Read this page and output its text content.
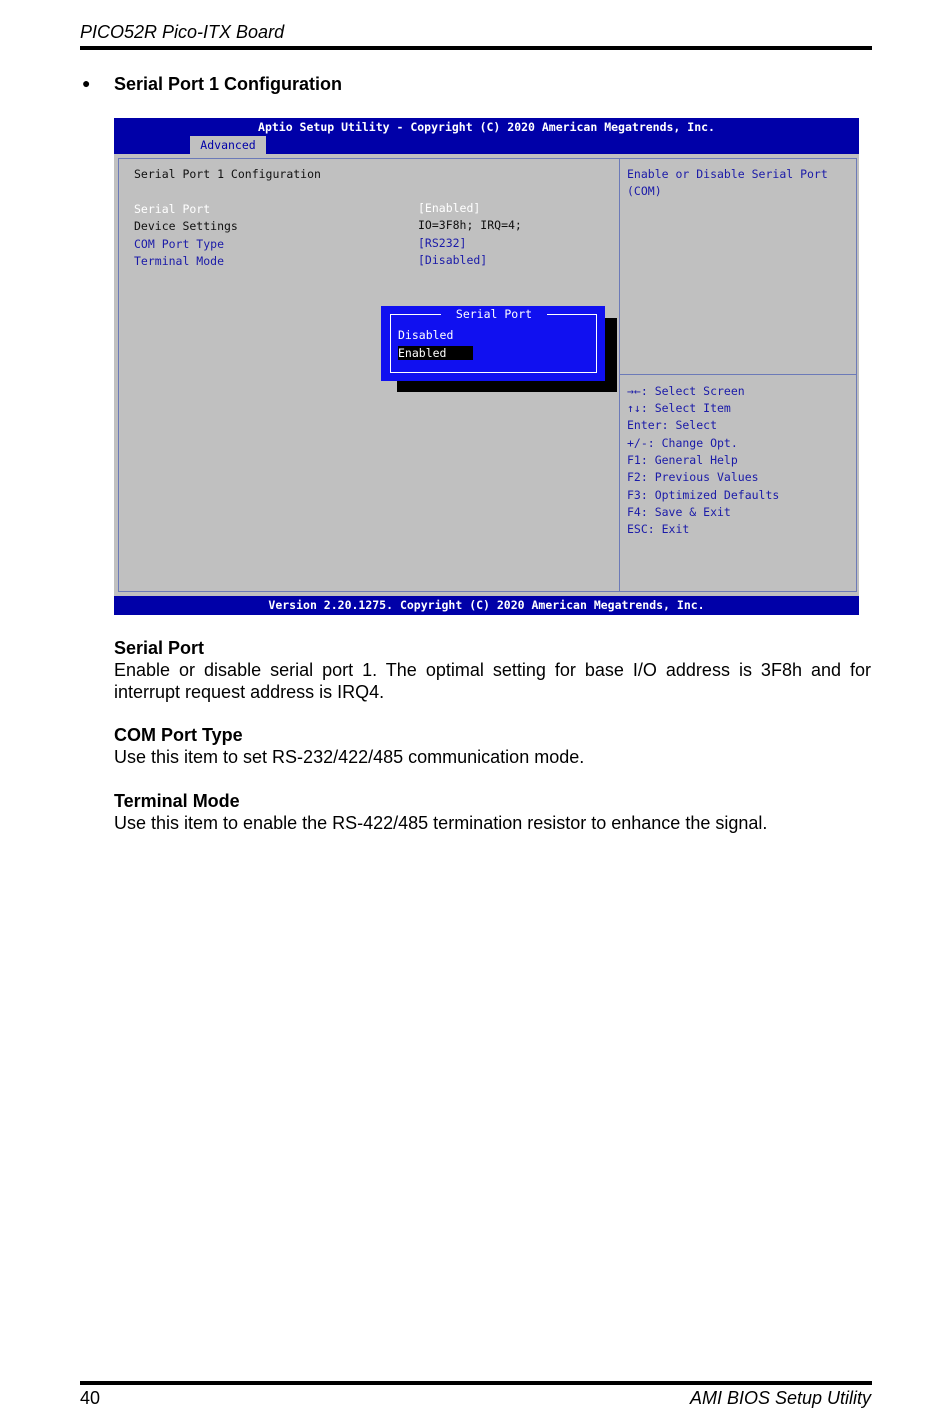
PICO52R Pico-ITX Board
● Serial Port 1 Configuration
Aptio Setup Utility - Copyright (C) 2020 American Megatrends, Inc.
Advanced
Serial Port 1 Configuration
Serial Port	[Enabled]
Device Settings	IO=3F8h; IRQ=4;
COM Port Type	[RS232]
Terminal Mode	[Disabled]
Enable or Disable Serial Port
(COM)
→←: Select Screen
↑↓: Select Item
Enter: Select
+/-: Change Opt.
F1: General Help
F2: Previous Values
F3: Optimized Defaults
F4: Save & Exit
ESC: Exit
Serial Port
Disabled
Enabled
Version 2.20.1275. Copyright (C) 2020 American Megatrends, Inc.
Serial Port
Enable or disable serial port 1. The optimal setting for base I/O address is 3F8h and for interrupt request address is IRQ4.
COM Port Type
Use this item to set RS-232/422/485 communication mode.
Terminal Mode
Use this item to enable the RS-422/485 termination resistor to enhance the signal.
40	AMI BIOS Setup Utility
